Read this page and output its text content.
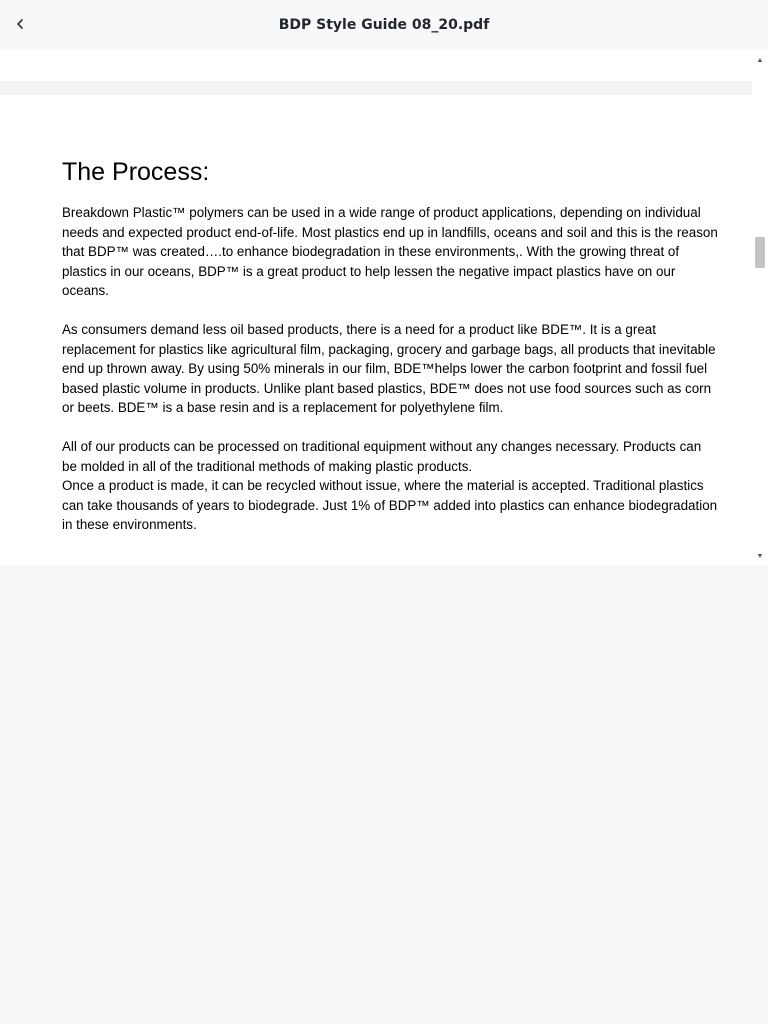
BDP Style Guide 08_20.pdf
The Process:

Breakdown Plastic™ polymers can be used in a wide range of product applications, depending on individual needs and expected product end-of-life. Most plastics end up in landfills, oceans and soil and this is the reason that BDP™ was created….to enhance biodegradation in these environments,. With the growing threat of plastics in our oceans, BDP™ is a great product to help lessen the negative impact plastics have on our oceans.

As consumers demand less oil based products, there is a need for a product like BDE™. It is a great replacement for plastics like agricultural film, packaging, grocery and garbage bags, all products that inevitable end up thrown away. By using 50% minerals in our film, BDE™helps lower the carbon footprint and fossil fuel based plastic volume in products. Unlike plant based plastics, BDE™ does not use food sources such as corn or beets. BDE™ is a base resin and is a replacement for polyethylene film.

All of our products can be processed on traditional equipment without any changes necessary. Products can be molded in all of the traditional methods of making plastic products.

Once a product is made, it can be recycled without issue, where the material is accepted. Traditional plastics can take thousands of years to biodegrade. Just 1% of BDP™ added into plastics can enhance biodegradation in these environments.

▲
▼
